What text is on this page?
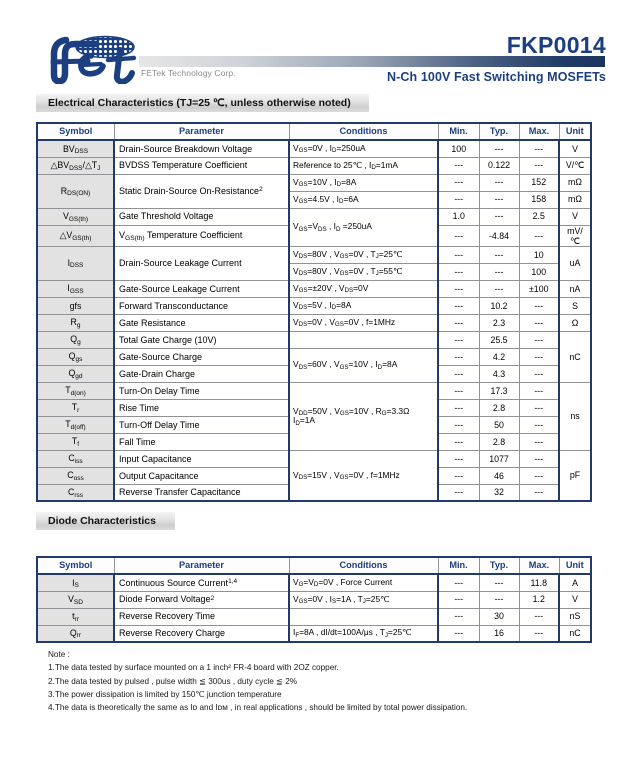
FETek Technology Corp.
FKP0014
N-Ch 100V Fast Switching MOSFETs
Electrical Characteristics (TJ=25 ℃, unless otherwise noted)
Symbol	Parameter	Conditions	Min.	Typ.	Max.	Unit
$BV_{DSS}$	Drain-Source Breakdown Voltage	$V_{GS}=0V$ , $I_D=250uA$	100	---	---	V
$\triangle BV_{DSS}/\triangle T_J$	BVDSS Temperature Coefficient	Reference to 25℃ , $I_D=1mA$	---	0.122	---	V/℃
$R_{DS(ON)}$	Static Drain-Source On-Resistance$^2$	$V_{GS}=10V$ , $I_D=8A$	---	---	152	mΩ
		$V_{GS}=4.5V$ , $I_D=6A$	---	---	158	mΩ
$V_{GS(th)}$	Gate Threshold Voltage	$V_{GS}=V_{DS}$ , $I_D =250uA$	1.0	---	2.5	V
$\triangle V_{GS(th)}$	$V_{GS(th)}$ Temperature Coefficient		---	-4.84	---	mV/℃
$I_{DSS}$	Drain-Source Leakage Current	$V_{DS}=80V$ , $V_{GS}=0V$ , $T_J=25℃$	---	---	10	uA
		$V_{DS}=80V$ , $V_{GS}=0V$ , $T_J=55℃$	---	---	100	
$I_{GSS}$	Gate-Source Leakage Current	$V_{GS}=\pm 20V$ , $V_{DS}=0V$	---	---	±100	nA
gfs	Forward Transconductance	$V_{DS}=5V$ , $I_D=8A$	---	10.2	---	S
$R_g$	Gate Resistance	$V_{DS}=0V$ , $V_{GS}=0V$ , f=1MHz	---	2.3	---	Ω
$Q_g$	Total Gate Charge (10V)		---	25.5	---	nC
$Q_{gs}$	Gate-Source Charge	$V_{DS}=60V$ , $V_{GS}=10V$ , $I_D=8A$	---	4.2	---	
$Q_{gd}$	Gate-Drain Charge		---	4.3	---	
$T_{d(on)}$	Turn-On Delay Time	$V_{DD}=50V$ , $V_{GS}=10V$ , $R_G=3.3\Omega$
$I_D=1A$	---	17.3	---	ns
$T_r$	Rise Time		---	2.8	---	
$T_{d(off)}$	Turn-Off Delay Time		---	50	---	
$T_f$	Fall Time		---	2.8	---	
$C_{iss}$	Input Capacitance	$V_{DS}=15V$ , $V_{GS}=0V$ , f=1MHz	---	1077	---	pF
$C_{oss}$	Output Capacitance		---	46	---	
$C_{rss}$	Reverse Transfer Capacitance		---	32	---	
Diode Characteristics
Symbol	Parameter	Conditions	Min.	Typ.	Max.	Unit
$I_S$	Continuous Source Current$^{1,4}$	$V_G=V_D=0V$ , Force Current	---	---	11.8	A
$V_{SD}$	Diode Forward Voltage$^2$	$V_{GS}=0V$ , $I_S=1A$ , $T_J=25℃$	---	---	1.2	V
$t_{rr}$	Reverse Recovery Time		---	30	---	nS
$Q_{rr}$	Reverse Recovery Charge	$I_F=8A$ , dI/dt=100A/μs , $T_J=25℃$	---	16	---	nC
Note :
1.The data tested by surface mounted on a 1 inch² FR-4 board with 2OZ copper.
2.The data tested by pulsed , pulse width ≦ 300us , duty cycle ≦ 2%
3.The power dissipation is limited by 150℃ junction temperature
4.The data is theoretically the same as Iᴅ and Iᴅᴍ , in real applications , should be limited by total power dissipation.
